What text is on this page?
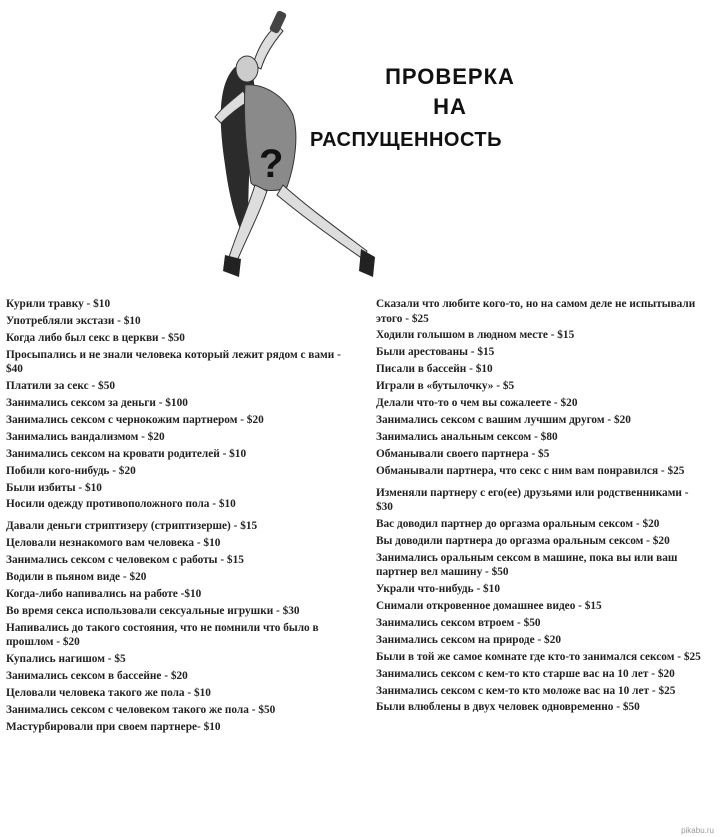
?
ПРОВЕРКА
НА
РАСПУЩЕННОСТЬ
Курили травку - $10
Употребляли экстази - $10
Когда либо был секс в церкви - $50
Просыпались и не знали человека который лежит рядом с вами - $40
Платили за секс - $50
Занимались сексом за деньги - $100
Занимались сексом с чернокожим партнером - $20
Занимались вандализмом - $20
Занимались сексом на кровати родителей - $10
Побили кого-нибудь - $20
Были избиты - $10
Носили одежду противоположного пола - $10
Давали деньги стриптизеру (стриптизерше) - $15
Целовали незнакомого вам человека - $10
Занимались сексом с человеком с работы - $15
Водили в пьяном виде - $20
Когда-либо напивались на работе -$10
Во время секса использовали сексуальные игрушки - $30
Напивались до такого состояния, что не помнили что было в прошлом - $20
Купались нагишом - $5
Занимались сексом в бассейне - $20
Целовали человека такого же пола - $10
Занимались сексом с человеком такого же пола - $50
Мастурбировали при своем партнере- $10
Сказали что любите кого-то, но на самом деле не испытывали этого - $25
Ходили голышом в людном месте - $15
Были арестованы - $15
Писали в бассейн - $10
Играли в «бутылочку» - $5
Делали что-то о чем вы сожалеете - $20
Занимались сексом с вашим лучшим другом - $20
Занимались анальным сексом - $80
Обманывали своего партнера - $5
Обманывали партнера, что секс с ним вам понравился - $25
Изменяли партнеру с его(ее) друзьями или родственниками - $30
Вас доводил партнер до оргазма оральным сексом - $20
Вы доводили партнера до оргазма оральным сексом - $20
Занимались оральным сексом в машине, пока вы или ваш партнер вел машину - $50
Украли что-нибудь - $10
Снимали откровенное домашнее видео - $15
Занимались сексом втроем - $50
Занимались сексом на природе - $20
Были в той же самое комнате где кто-то занимался сексом - $25
Занимались сексом с кем-то кто старше вас на 10 лет - $20
Занимались сексом с кем-то кто моложе вас на 10 лет - $25
Были влюблены в двух человек одновременно - $50
pikabu.ru
